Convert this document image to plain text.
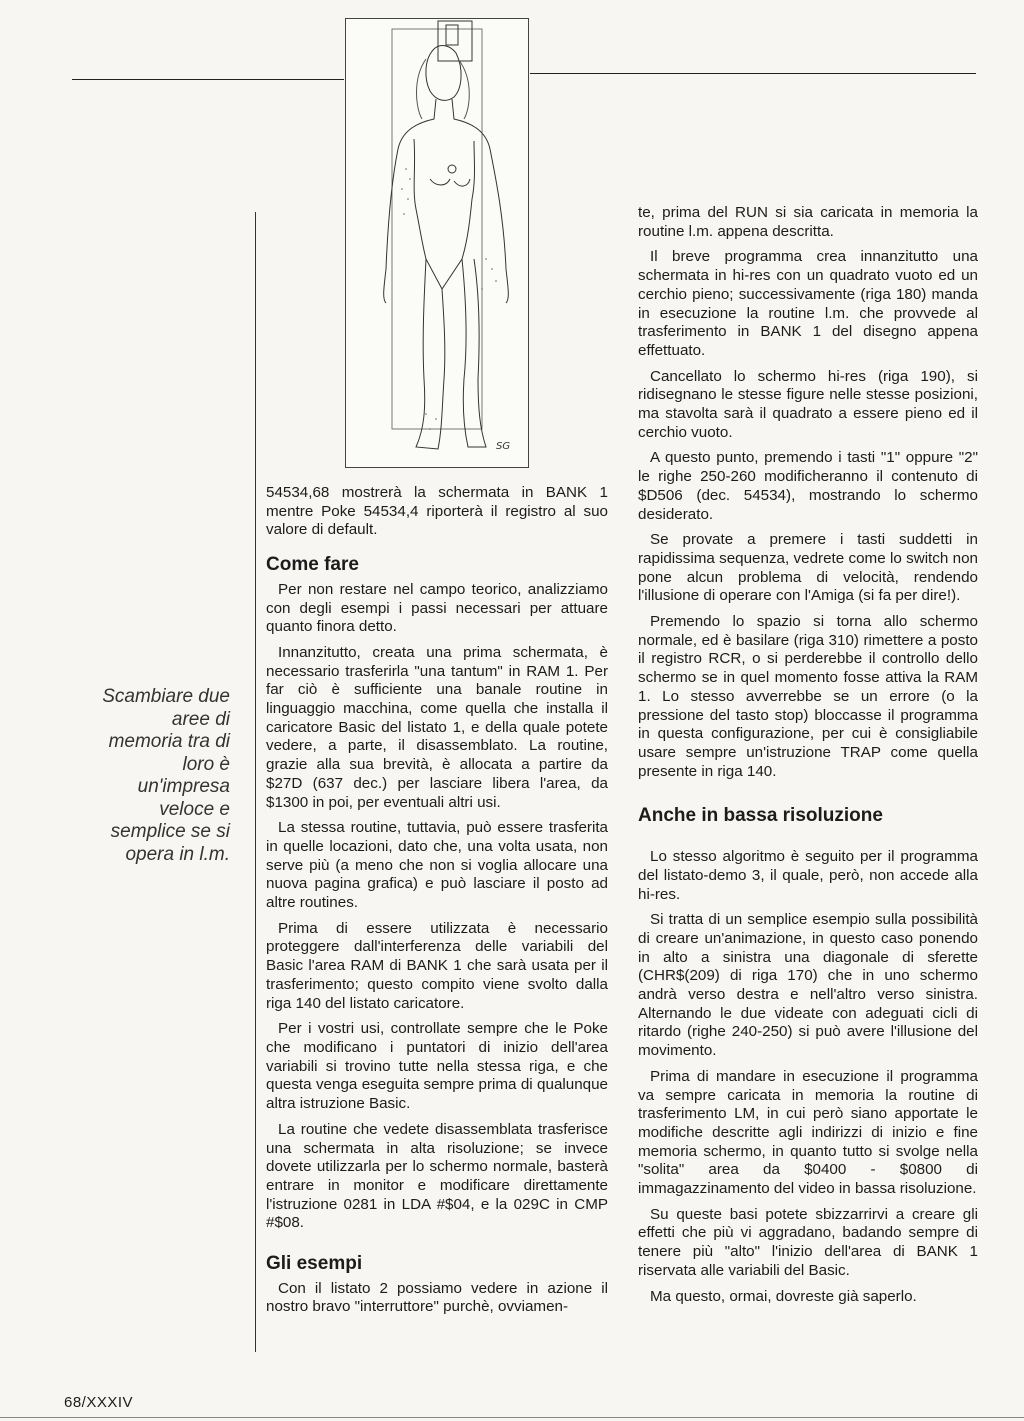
SG
Scambiare due
aree di
memoria tra di
loro è
un'impresa
veloce e
semplice se si
opera in l.m.

54534,68 mostrerà la schermata in BANK 1 mentre Poke 54534,4 riporterà il registro al suo valore di default.

Come fare

Per non restare nel campo teorico, analizziamo con degli esempi i passi necessari per attuare quanto finora detto.

Innanzitutto, creata una prima schermata, è necessario trasferirla "una tantum" in RAM 1. Per far ciò è sufficiente una banale routine in linguaggio macchina, come quella che installa il caricatore Basic del listato 1, e della quale potete vedere, a parte, il disassemblato. La routine, grazie alla sua brevità, è allocata a partire da $27D (637 dec.) per lasciare libera l'area, da $1300 in poi, per eventuali altri usi.

La stessa routine, tuttavia, può essere trasferita in quelle locazioni, dato che, una volta usata, non serve più (a meno che non si voglia allocare una nuova pagina grafica) e può lasciare il posto ad altre routines.

Prima di essere utilizzata è necessario proteggere dall'interferenza delle variabili del Basic l'area RAM di BANK 1 che sarà usata per il trasferimento; questo compito viene svolto dalla riga 140 del listato caricatore.

Per i vostri usi, controllate sempre che le Poke che modificano i puntatori di inizio dell'area variabili si trovino tutte nella stessa riga, e che questa venga eseguita sempre prima di qualunque altra istruzione Basic.

La routine che vedete disassemblata trasferisce una schermata in alta risoluzione; se invece dovete utilizzarla per lo schermo normale, basterà entrare in monitor e modificare direttamente l'istruzione 0281 in LDA #$04, e la 029C in CMP #$08.

Gli esempi

Con il listato 2 possiamo vedere in azione il nostro bravo "interruttore" purchè, ovviamen-

te, prima del RUN si sia caricata in memoria la routine l.m. appena descritta.

Il breve programma crea innanzitutto una schermata in hi-res con un quadrato vuoto ed un cerchio pieno; successivamente (riga 180) manda in esecuzione la routine l.m. che provvede al trasferimento in BANK 1 del disegno appena effettuato.

Cancellato lo schermo hi-res (riga 190), si ridisegnano le stesse figure nelle stesse posizioni, ma stavolta sarà il quadrato a essere pieno ed il cerchio vuoto.

A questo punto, premendo i tasti "1" oppure "2" le righe 250-260 modificheranno il contenuto di $D506 (dec. 54534), mostrando lo schermo desiderato.

Se provate a premere i tasti suddetti in rapidissima sequenza, vedrete come lo switch non pone alcun problema di velocità, rendendo l'illusione di operare con l'Amiga (si fa per dire!).

Premendo lo spazio si torna allo schermo normale, ed è basilare (riga 310) rimettere a posto il registro RCR, o si perderebbe il controllo dello schermo se in quel momento fosse attiva la RAM 1. Lo stesso avverrebbe se un errore (o la pressione del tasto stop) bloccasse il programma in questa configurazione, per cui è consigliabile usare sempre un'istruzione TRAP come quella presente in riga 140.

Anche in bassa risoluzione

Lo stesso algoritmo è seguito per il programma del listato-demo 3, il quale, però, non accede alla hi-res.

Si tratta di un semplice esempio sulla possibilità di creare un'animazione, in questo caso ponendo in alto a sinistra una diagonale di sferette (CHR$(209) di riga 170) che in uno schermo andrà verso destra e nell'altro verso sinistra. Alternando le due videate con adeguati cicli di ritardo (righe 240-250) si può avere l'illusione del movimento.

Prima di mandare in esecuzione il programma va sempre caricata in memoria la routine di trasferimento LM, in cui però siano apportate le modifiche descritte agli indirizzi di inizio e fine memoria schermo, in quanto tutto si svolge nella "solita" area da $0400 - $0800 di immagazzinamento del video in bassa risoluzione.

Su queste basi potete sbizzarrirvi a creare gli effetti che più vi aggradano, badando sempre di tenere più "alto" l'inizio dell'area di BANK 1 riservata alle variabili del Basic.

Ma questo, ormai, dovreste già saperlo.

68/XXXIV
